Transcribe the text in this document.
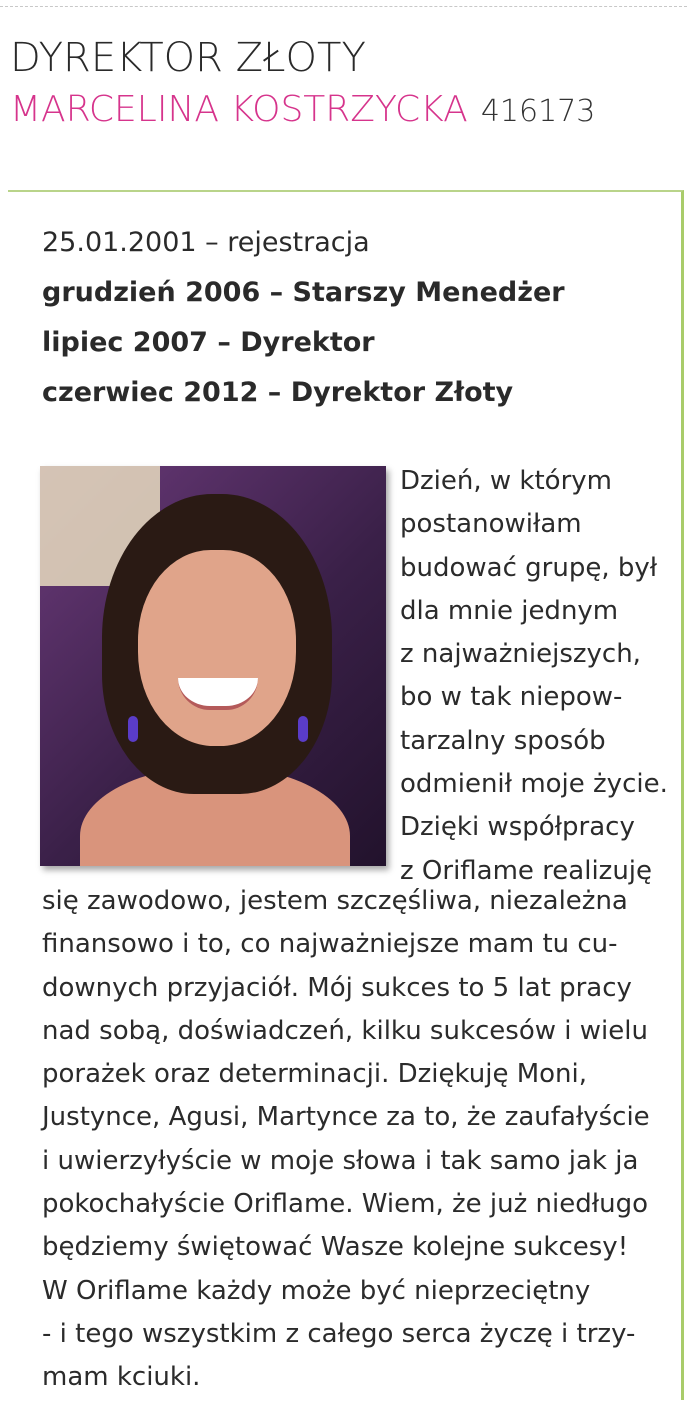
DYREKTOR ZŁOTY
MARCELINA KOSTRZYCKA 416173
25.01.2001 – rejestracja
grudzień 2006 – Starszy Menedżer
lipiec 2007 – Dyrektor
czerwiec 2012 – Dyrektor Złoty
Dzień, w którym
postanowiłam
budować grupę, był
dla mnie jednym
z najważniejszych,
bo w tak niepow-
tarzalny sposób
odmienił moje życie.
Dzięki współpracy
z Oriflame realizuję
się zawodowo, jestem szczęśliwa, niezależna
finansowo i to, co najważniejsze mam tu cu-
downych przyjaciół. Mój sukces to 5 lat pracy
nad sobą, doświadczeń, kilku sukcesów i wielu
porażek oraz determinacji. Dziękuję Moni,
Justynce, Agusi, Martynce za to, że zaufałyście
i uwierzyłyście w moje słowa i tak samo jak ja
pokochałyście Oriflame. Wiem, że już niedługo
będziemy świętować Wasze kolejne sukcesy!
W Oriflame każdy może być nieprzeciętny
- i tego wszystkim z całego serca życzę i trzy-
mam kciuki.
